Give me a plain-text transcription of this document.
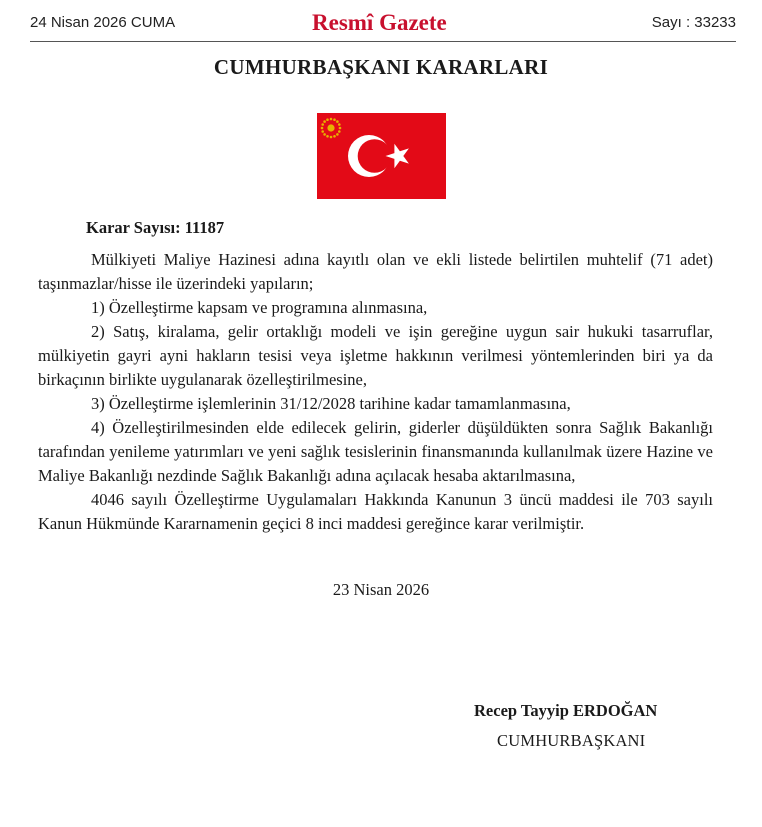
24 Nisan 2026 CUMA	Resmî Gazete	Sayı : 33233
CUMHURBAŞKANI KARARLARI
Karar Sayısı: 11187

Mülkiyeti Maliye Hazinesi adına kayıtlı olan ve ekli listede belirtilen muhtelif (71 adet) taşınmazlar/hisse ile üzerindeki yapıların;

1) Özelleştirme kapsam ve programına alınmasına,

2) Satış, kiralama, gelir ortaklığı modeli ve işin gereğine uygun sair hukuki tasarruflar, mülkiyetin gayri ayni hakların tesisi veya işletme hakkının verilmesi yöntemlerinden biri ya da birkaçının birlikte uygulanarak özelleştirilmesine,

3) Özelleştirme işlemlerinin 31/12/2028 tarihine kadar tamamlanmasına,

4) Özelleştirilmesinden elde edilecek gelirin, giderler düşüldükten sonra Sağlık Bakanlığı tarafından yenileme yatırımları ve yeni sağlık tesislerinin finansmanında kullanılmak üzere Hazine ve Maliye Bakanlığı nezdinde Sağlık Bakanlığı adına açılacak hesaba aktarılmasına,

4046 sayılı Özelleştirme Uygulamaları Hakkında Kanunun 3 üncü maddesi ile 703 sayılı Kanun Hükmünde Kararnamenin geçici 8 inci maddesi gereğince karar verilmiştir.

23 Nisan 2026
Recep Tayyip ERDOĞAN
CUMHURBAŞKANI
